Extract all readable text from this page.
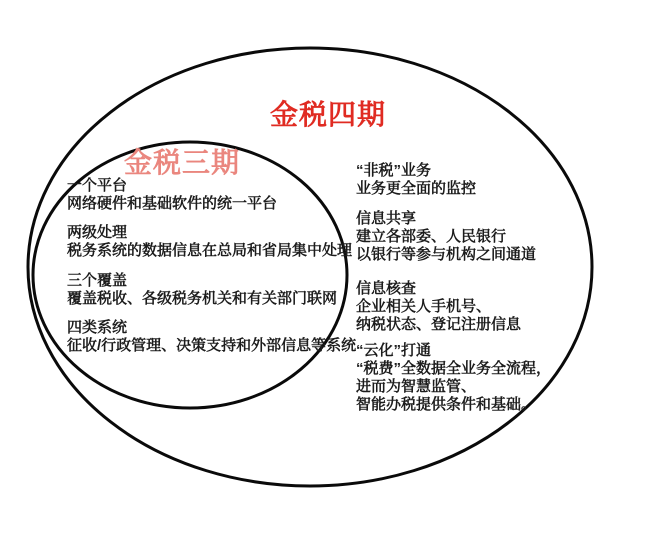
金税四期
金税三期
一个平台
网络硬件和基础软件的统一平台
两级处理
税务系统的数据信息在总局和省局集中处理
三个覆盖
覆盖税收、各级税务机关和有关部门联网
四类系统
征收/行政管理、决策支持和外部信息等系统
“非税”业务
业务更全面的监控
信息共享
建立各部委、人民银行
以银行等参与机构之间通道
信息核查
企业相关人手机号、
纳税状态、登记注册信息
“云化”打通
“税费”全数据全业务全流程，
进而为智慧监管、
智能办税提供条件和基础。
